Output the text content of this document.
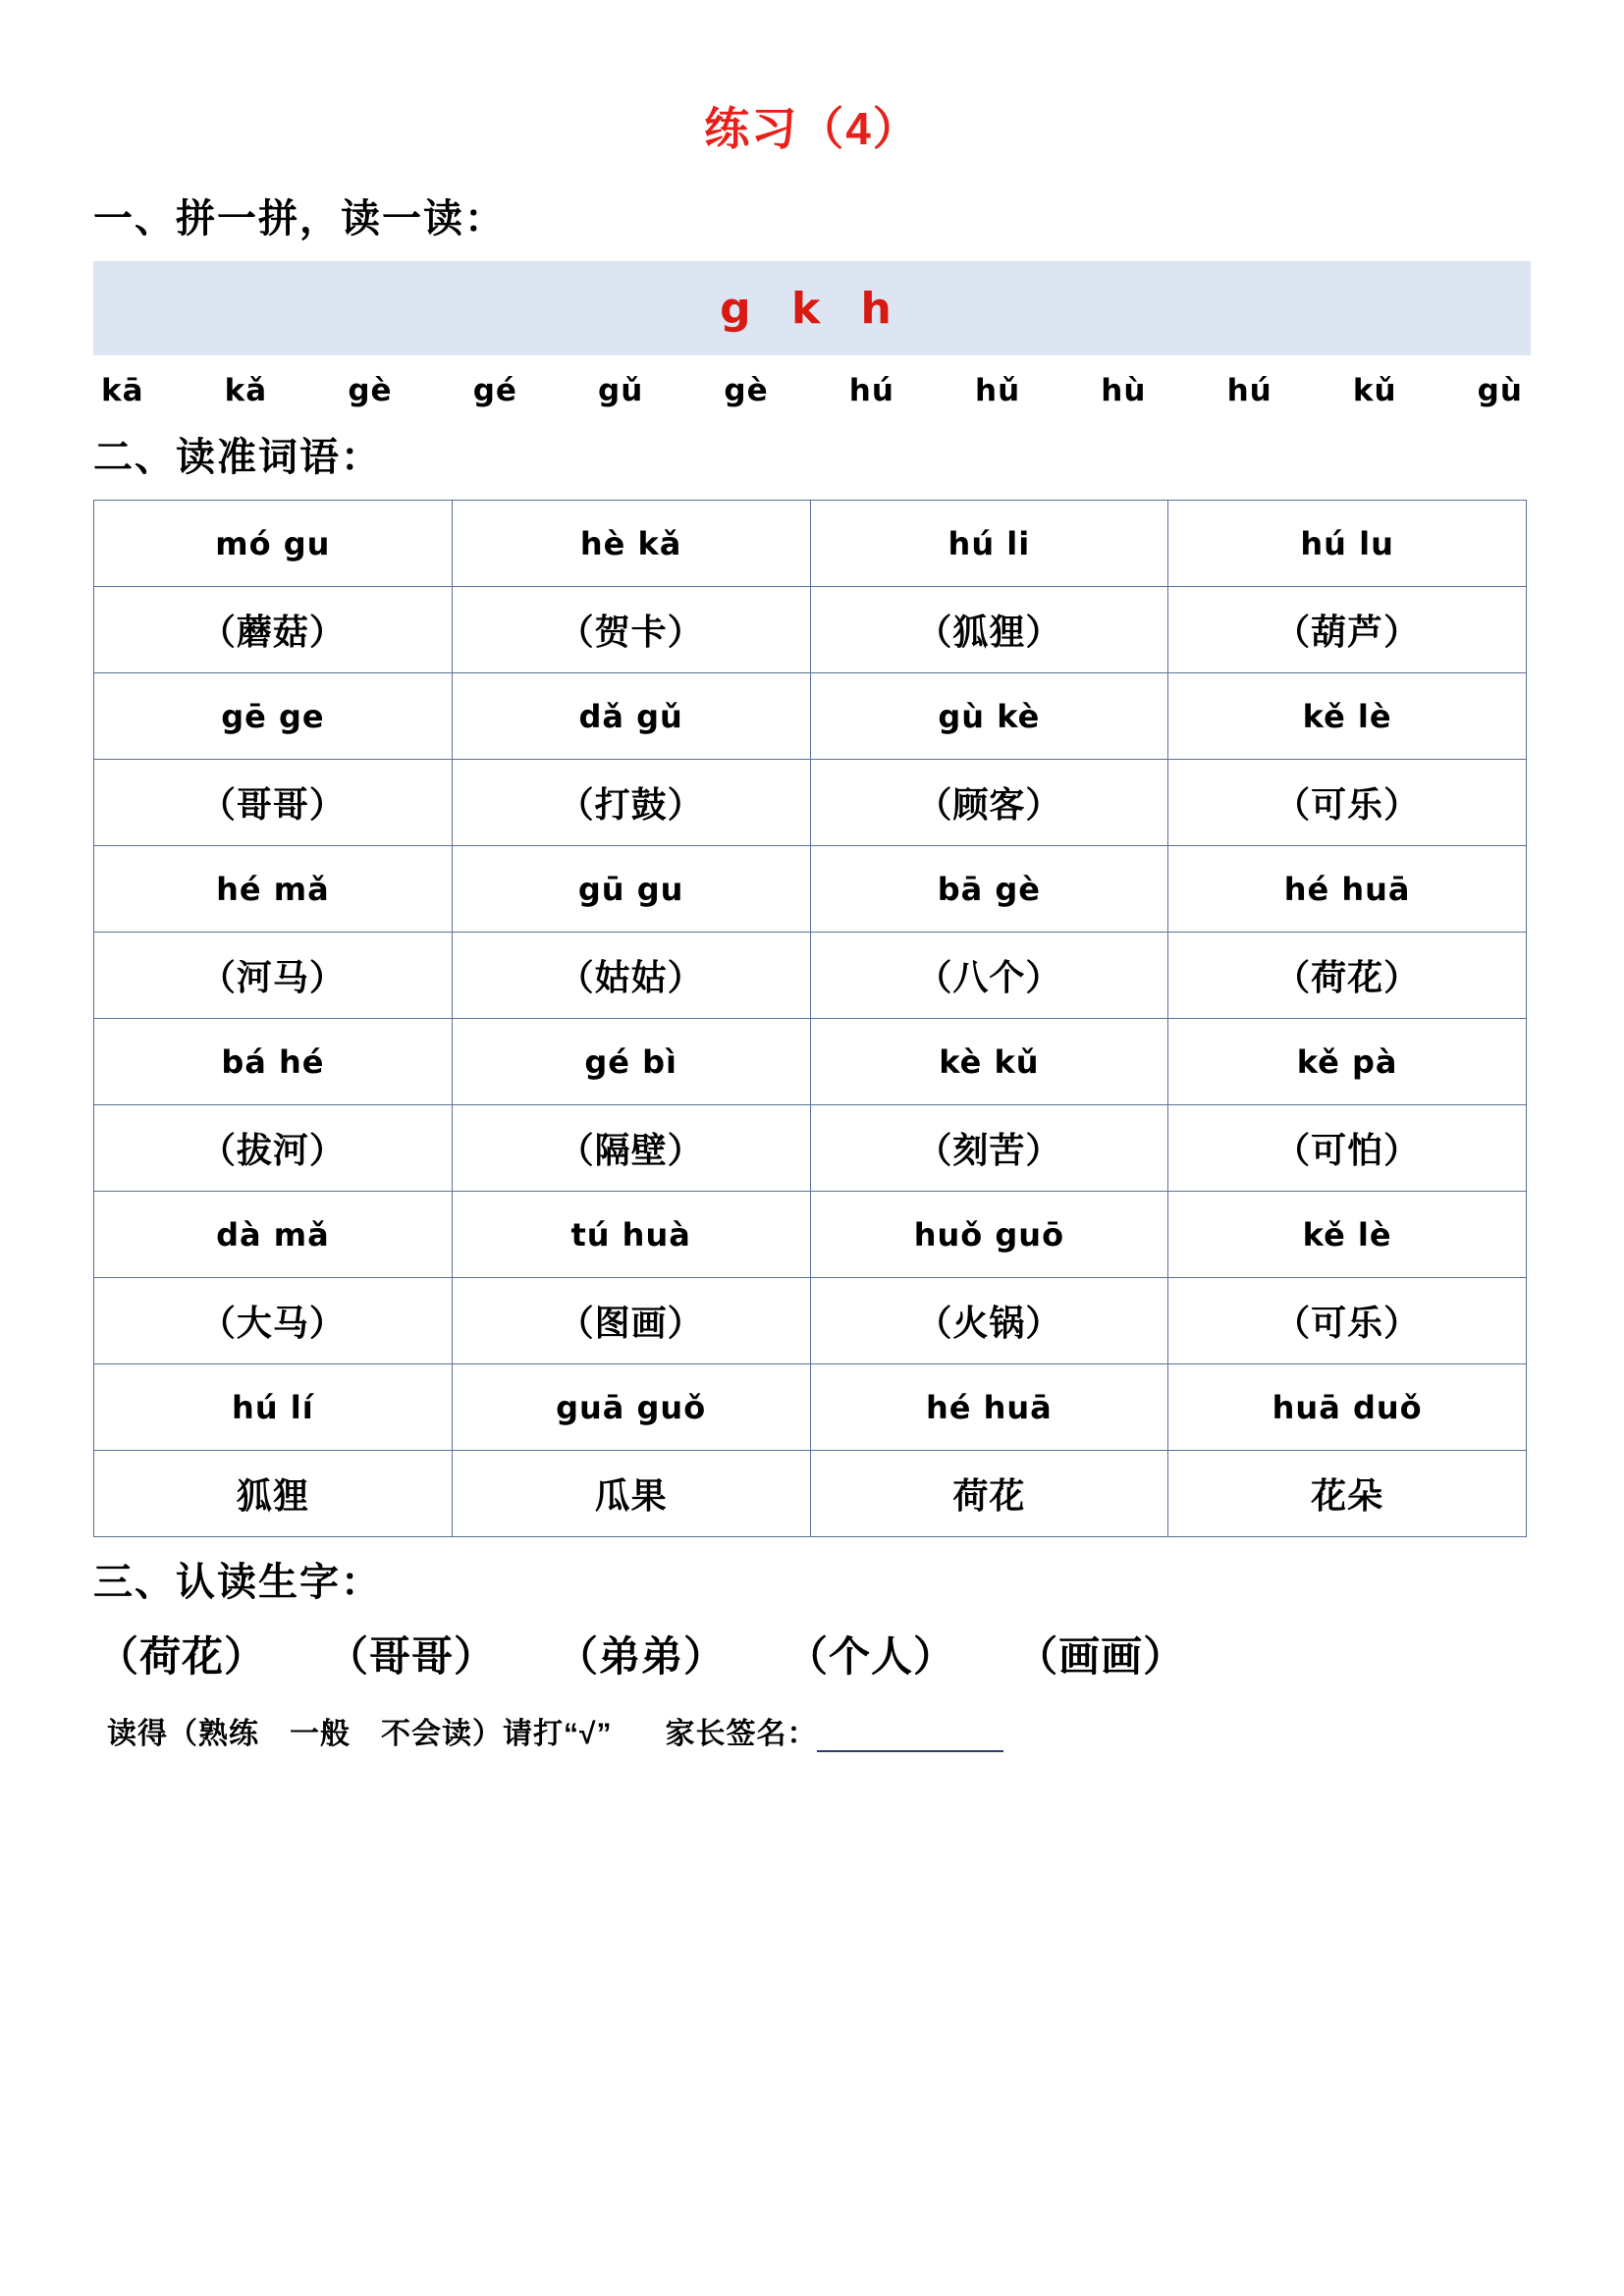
练习（4）
一、拼一拼，读一读：
g k h
kā	kǎ	gè	gé	gǔ	gè	hú	hǔ	hù	hú	kǔ	gù
二、读准词语：
mó gu	hè kǎ	hú li	hú lu
（蘑菇）	（贺卡）	（狐狸）	（葫芦）
gē ge	dǎ gǔ	gù kè	kě lè
（哥哥）	（打鼓）	（顾客）	（可乐）
hé mǎ	gū gu	bā gè	hé huā
（河马）	（姑姑）	（八个）	（荷花）
bá hé	gé bì	kè kǔ	kě pà
（拔河）	（隔壁）	（刻苦）	（可怕）
dà mǎ	tú huà	huǒ guō	kě lè
（大马）	（图画）	（火锅）	（可乐）
hú lí	guā guǒ	hé huā	huā duǒ
狐狸	瓜果	荷花	花朵
三、认读生字：
（荷花） （哥哥） （弟弟） （个人） （画画）
读得（熟练　一般　不会读）请打“√” 家长签名：
